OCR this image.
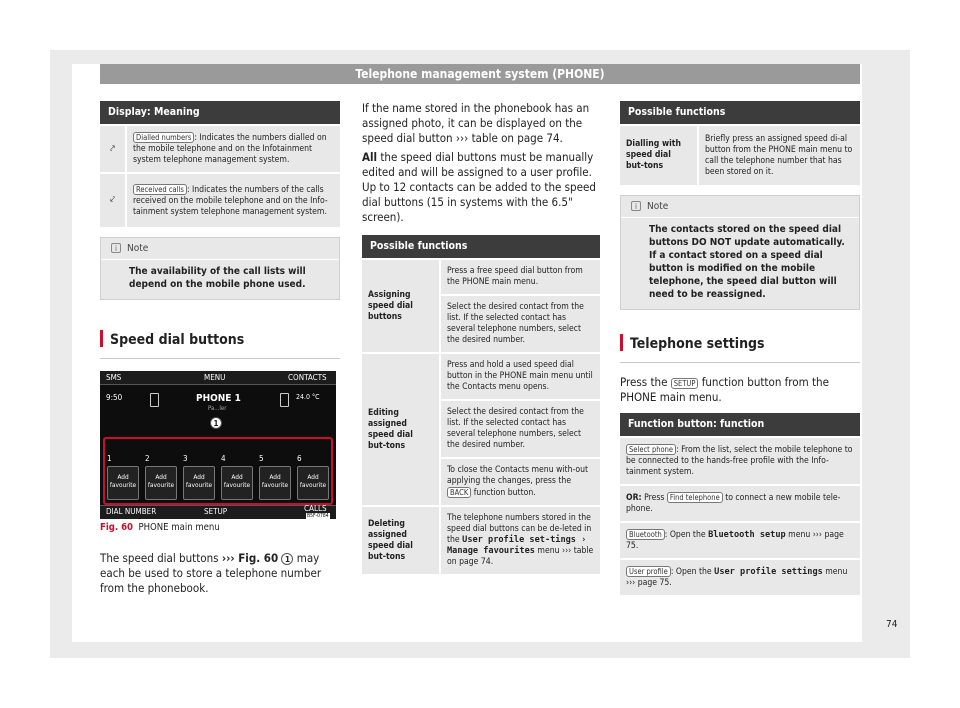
Telephone management system (PHONE)
Display: Meaning	
⤤	Dialled numbers : Indicates the numbers dialled on the mobile telephone and on the Infotainment system telephone management system.
⤦	Received calls : Indicates the numbers of the calls received on the mobile telephone and on the Info-tainment system telephone management system.
i Note
The availability of the call lists will depend on the mobile phone used.
Speed dial buttons
SMS	MENU	CONTACTS
9:50	PHONE 1
Pa...ler
24.0 °C
1
1
Add favourite
2
Add favourite
3
Add favourite
4
Add favourite
5
Add favourite
6
Add favourite
DIAL NUMBER	SETUP	CALLS
B5F-0784
Fig. 60 PHONE main menu

The speed dial buttons ››› Fig. 60 1 may each be used to store a telephone number from the phonebook.

If the name stored in the phonebook has an assigned photo, it can be displayed on the speed dial button ››› table on page 74.

All the speed dial buttons must be manually edited and will be assigned to a user profile. Up to 12 contacts can be added to the speed dial buttons (15 in systems with the 6.5" screen).

Possible functions	
Assigning speed dial buttons	Press a free speed dial button from the PHONE main menu.
	Select the desired contact from the list. If the selected contact has several telephone numbers, select the desired number.
Editing assigned speed dial but-tons	Press and hold a used speed dial button in the PHONE main menu until the Contacts menu opens.
	Select the desired contact from the list. If the selected contact has several telephone numbers, select the desired number.
	To close the Contacts menu with-out applying the changes, press the BACK function button.
Deleting assigned speed dial but-tons	The telephone numbers stored in the speed dial buttons can be de-leted in the User profile set-tings › Manage favourites menu ››› table on page 74.
Possible functions
Dialling with speed dial but-tons	Briefly press an assigned speed di-al button from the PHONE main menu to call the telephone number that has been stored on it.
i Note
The contacts stored on the speed dial buttons DO NOT update automatically. If a contact stored on a speed dial button is modified on the mobile telephone, the speed dial button will need to be reassigned.
Telephone settings

Press the SETUP function button from the PHONE main menu.

Function button: function
Select phone : From the list, select the mobile telephone to be connected to the hands-free profile with the Info-tainment system.
OR: Press Find telephone to connect a new mobile tele-phone.
Bluetooth : Open the Bluetooth setup menu ››› page 75.
User profile : Open the User profile settings menu ››› page 75.
74
